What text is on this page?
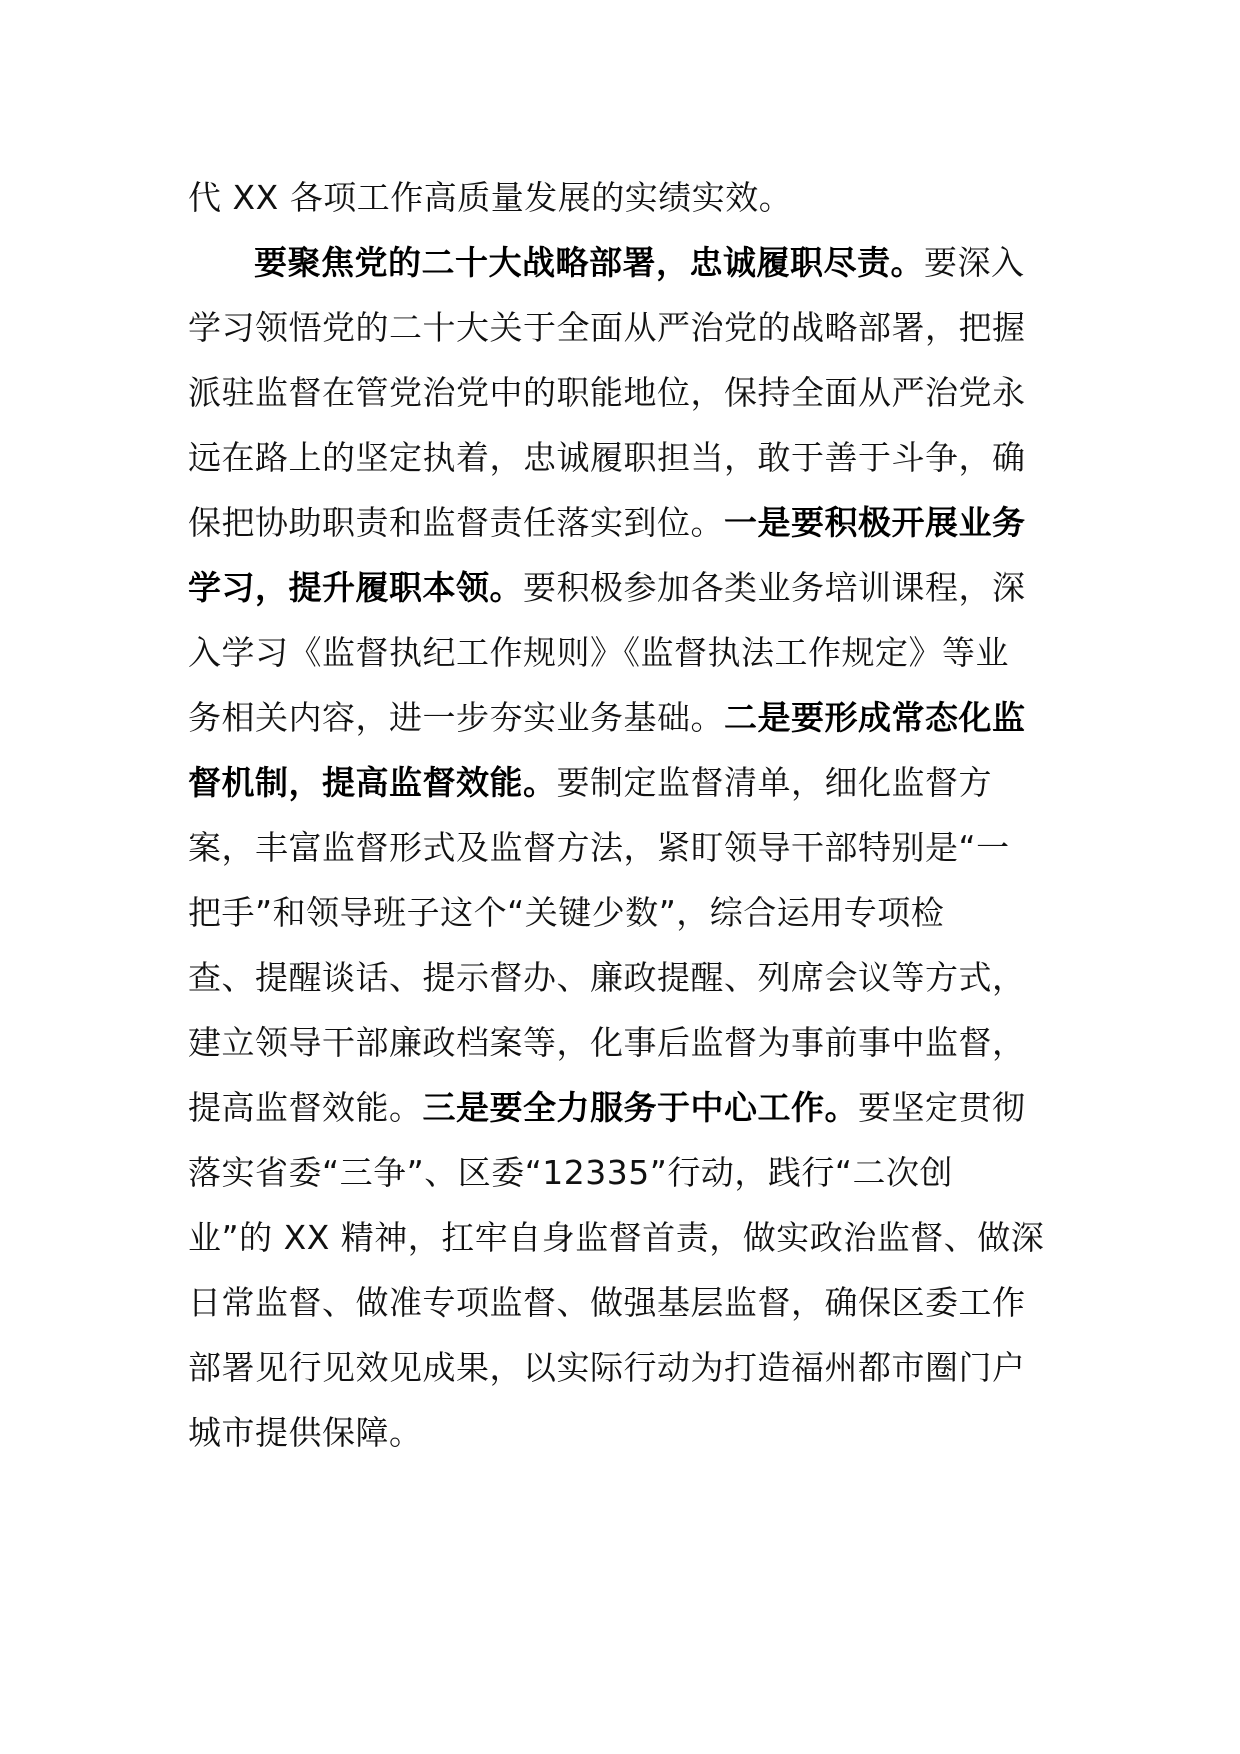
代 XX 各项工作高质量发展的实绩实效。
要聚焦党的二十大战略部署，忠诚履职尽责。要深入
学习领悟党的二十大关于全面从严治党的战略部署，把握
派驻监督在管党治党中的职能地位，保持全面从严治党永
远在路上的坚定执着，忠诚履职担当，敢于善于斗争，确
保把协助职责和监督责任落实到位。一是要积极开展业务
学习，提升履职本领。要积极参加各类业务培训课程，深
入学习《监督执纪工作规则》《监督执法工作规定》等业
务相关内容，进一步夯实业务基础。二是要形成常态化监
督机制，提高监督效能。要制定监督清单，细化监督方
案，丰富监督形式及监督方法，紧盯领导干部特别是“一
把手”和领导班子这个“关键少数”，综合运用专项检
查、提醒谈话、提示督办、廉政提醒、列席会议等方式，
建立领导干部廉政档案等，化事后监督为事前事中监督，
提高监督效能。三是要全力服务于中心工作。要坚定贯彻
落实省委“三争”、区委“12335”行动，践行“二次创
业”的 XX 精神，扛牢自身监督首责，做实政治监督、做深
日常监督、做准专项监督、做强基层监督，确保区委工作
部署见行见效见成果，以实际行动为打造福州都市圈门户
城市提供保障。
